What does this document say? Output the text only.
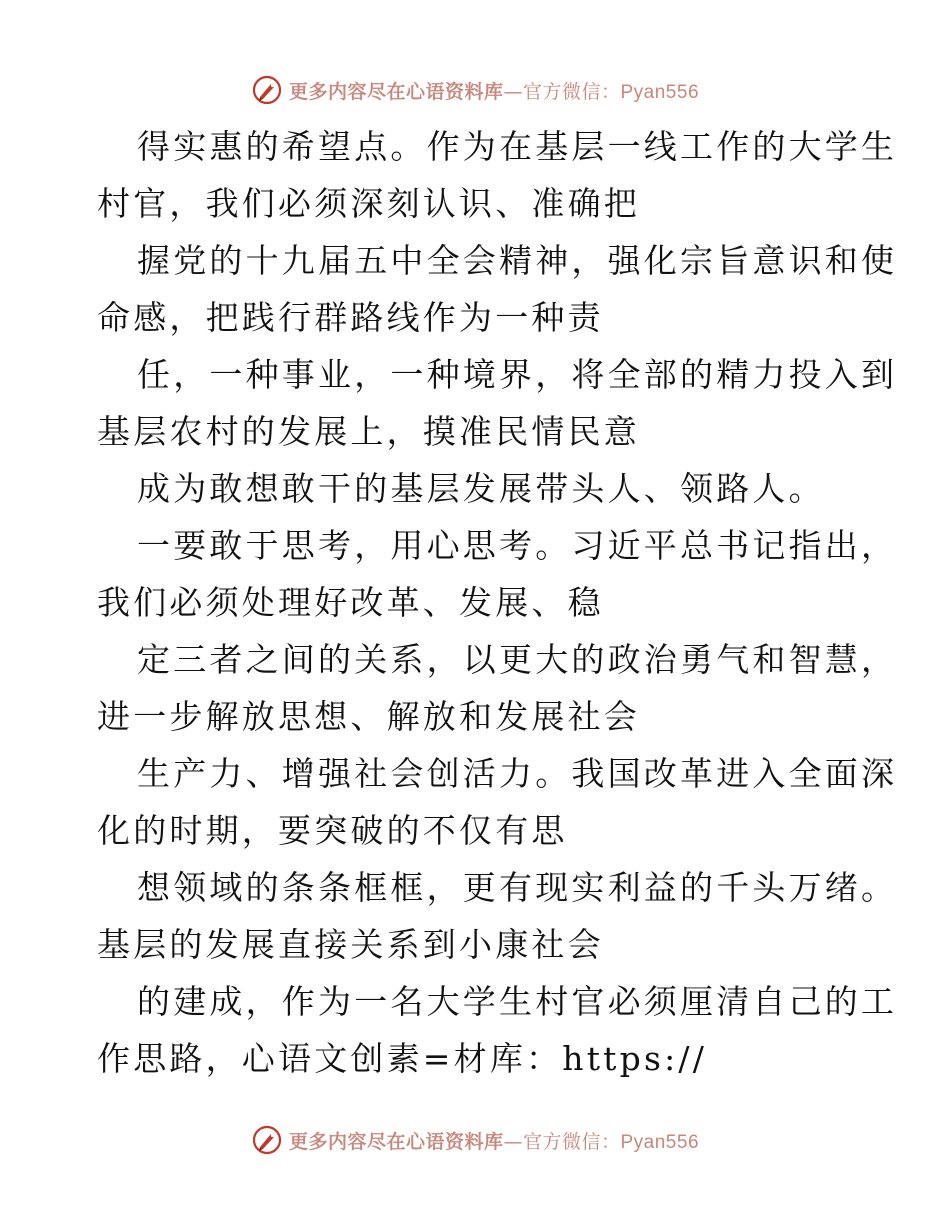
更多内容尽在心语资料库—官方微信：Pyan556
得实惠的希望点。作为在基层一线工作的大学生
村官，我们必须深刻认识、准确把
握党的十九届五中全会精神，强化宗旨意识和使
命感，把践行群路线作为一种责
任，一种事业，一种境界，将全部的精力投入到
基层农村的发展上，摸准民情民意
成为敢想敢干的基层发展带头人、领路人。
一要敢于思考，用心思考。习近平总书记指出，
我们必须处理好改革、发展、稳
定三者之间的关系，以更大的政治勇气和智慧，
进一步解放思想、解放和发展社会
生产力、增强社会创活力。我国改革进入全面深
化的时期，要突破的不仅有思
想领域的条条框框，更有现实利益的千头万绪。
基层的发展直接关系到小康社会
的建成，作为一名大学生村官必须厘清自己的工
作思路，心语文创素=材库：https://
更多内容尽在心语资料库—官方微信：Pyan556
